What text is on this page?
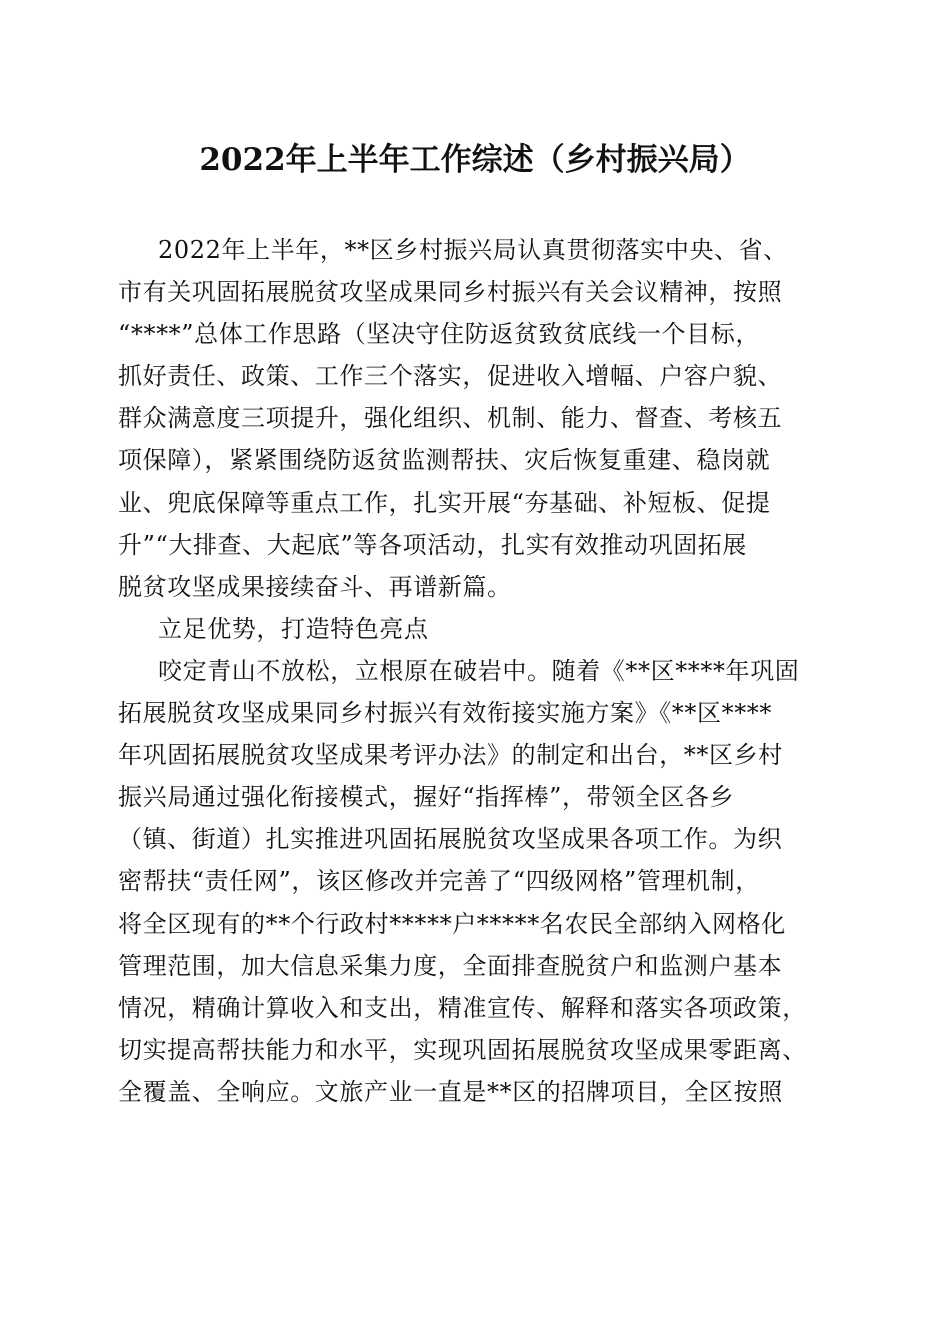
2022年上半年工作综述（乡村振兴局）
2022年上半年，**区乡村振兴局认真贯彻落实中央、省、
市有关巩固拓展脱贫攻坚成果同乡村振兴有关会议精神，按照
“****”总体工作思路（坚决守住防返贫致贫底线一个目标，
抓好责任、政策、工作三个落实，促进收入增幅、户容户貌、
群众满意度三项提升，强化组织、机制、能力、督查、考核五
项保障），紧紧围绕防返贫监测帮扶、灾后恢复重建、稳岗就
业、兜底保障等重点工作，扎实开展“夯基础、补短板、促提
升”“大排查、大起底”等各项活动，扎实有效推动巩固拓展
脱贫攻坚成果接续奋斗、再谱新篇。
立足优势，打造特色亮点
咬定青山不放松，立根原在破岩中。随着《**区****年巩固
拓展脱贫攻坚成果同乡村振兴有效衔接实施方案》《**区****
年巩固拓展脱贫攻坚成果考评办法》的制定和出台，**区乡村
振兴局通过强化衔接模式，握好“指挥棒”，带领全区各乡
（镇、街道）扎实推进巩固拓展脱贫攻坚成果各项工作。为织
密帮扶“责任网”，该区修改并完善了“四级网格”管理机制，
将全区现有的**个行政村*****户*****名农民全部纳入网格化
管理范围，加大信息采集力度，全面排查脱贫户和监测户基本
情况，精确计算收入和支出，精准宣传、解释和落实各项政策，
切实提高帮扶能力和水平，实现巩固拓展脱贫攻坚成果零距离、
全覆盖、全响应。文旅产业一直是**区的招牌项目，全区按照
